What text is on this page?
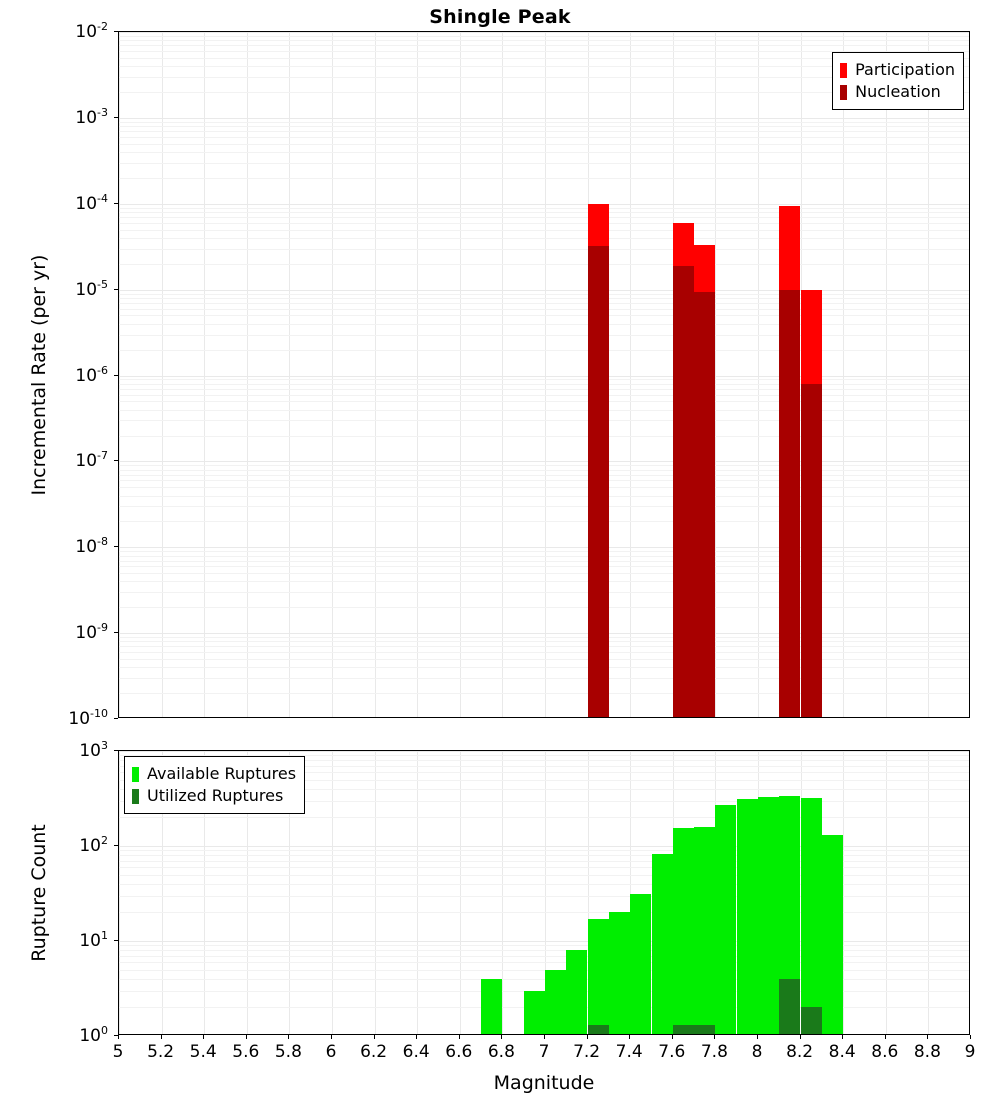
Shingle Peak
$10^{-10}$
$10^{-9}$
$10^{-8}$
$10^{-7}$
$10^{-6}$
$10^{-5}$
$10^{-4}$
$10^{-3}$
$10^{-2}$
Incremental Rate (per yr)
Participation
Nucleation
$10^0$
$10^1$
$10^2$
$10^3$
5 5.2 5.4 5.6 5.8 6 6.2 6.4 6.6 6.8 7 7.2 7.4 7.6 7.8 8 8.2 8.4 8.6 8.8 9
Rupture Count
Magnitude
Available Ruptures
Utilized Ruptures
